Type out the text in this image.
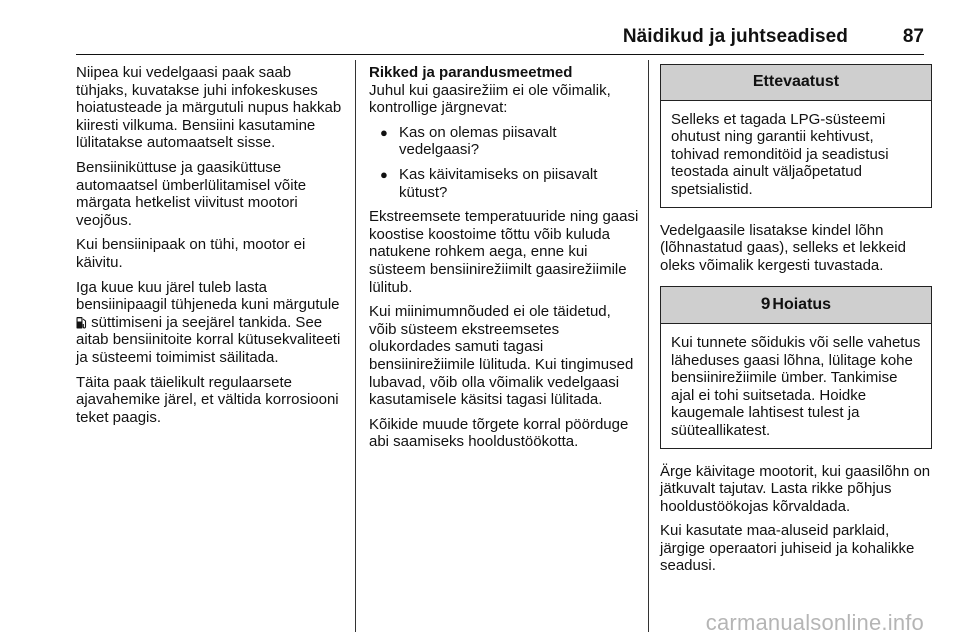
Näidikud ja juhtseadised	87

Niipea kui vedelgaasi paak saab tühjaks, kuvatakse juhi infokeskuses hoiatusteade ja märgutuli nupus hakkab kiiresti vilkuma. Bensiini kasutamine lülitatakse automaatselt sisse.

Bensiiniküttuse ja gaasiküttuse automaatsel ümberlülitamisel võite märgata hetkelist viivitust mootori veojõus.

Kui bensiinipaak on tühi, mootor ei käivitu.

Iga kuue kuu järel tuleb lasta bensiinipaagil tühjeneda kuni märgutule  süttimiseni ja seejärel tankida. See aitab bensiinitoite korral kütusekvaliteeti ja süsteemi toimimist säilitada.

Täita paak täielikult regulaarsete ajavahemike järel, et vältida korrosiooni teket paagis.

Rikked ja parandusmeetmed

Juhul kui gaasirežiim ei ole võimalik, kontrollige järgnevat:

● Kas on olemas piisavalt vedelgaasi?
● Kas käivitamiseks on piisavalt kütust?

Ekstreemsete temperatuuride ning gaasi koostise koostoime tõttu võib kuluda natukene rohkem aega, enne kui süsteem bensiinirežiimilt gaasirežiimile lülitub.

Kui miinimumnõuded ei ole täidetud, võib süsteem ekstreemsetes olukordades samuti tagasi bensiinirežiimile lülituda. Kui tingimused lubavad, võib olla võimalik vedelgaasi kasutamisele käsitsi tagasi lülitada.

Kõikide muude tõrgete korral pöörduge abi saamiseks hooldustöökotta.

Ettevaatust
Selleks et tagada LPG-süsteemi ohutust ning garantii kehtivust, tohivad remonditöid ja seadistusi teostada ainult väljaõpetatud spetsialistid.

Vedelgaasile lisatakse kindel lõhn (lõhnastatud gaas), selleks et lekkeid oleks võimalik kergesti tuvastada.

9 Hoiatus
Kui tunnete sõidukis või selle vahetus läheduses gaasi lõhna, lülitage kohe bensiinirežiimile ümber. Tankimise ajal ei tohi suitsetada. Hoidke kaugemale lahtisest tulest ja süüteallikatest.

Ärge käivitage mootorit, kui gaasilõhn on jätkuvalt tajutav. Lasta rikke põhjus hooldustöökojas kõrvaldada.

Kui kasutate maa-aluseid parklaid, järgige operaatori juhiseid ja kohalikke seadusi.

carmanualsonline.info
